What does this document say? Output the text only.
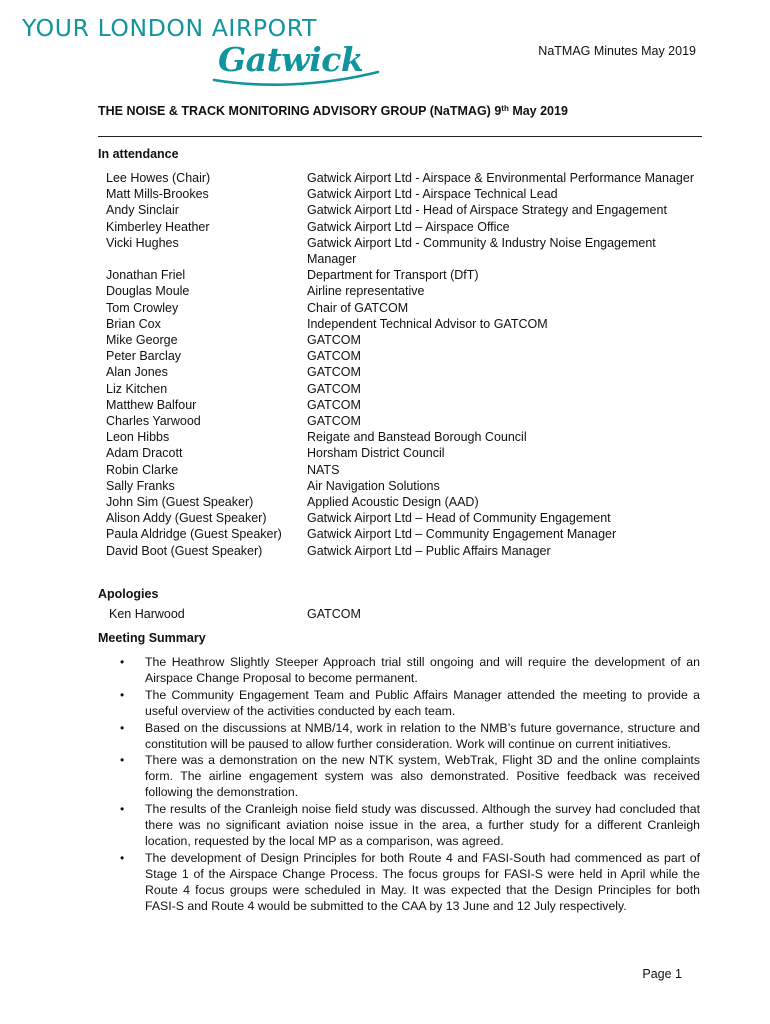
YOUR LONDON AIRPORT
Gatwick	NaTMAG Minutes May 2019
THE NOISE & TRACK MONITORING ADVISORY GROUP (NaTMAG) 9th May 2019
In attendance
Lee Howes (Chair)	Gatwick Airport Ltd - Airspace & Environmental Performance Manager
Matt Mills-Brookes	Gatwick Airport Ltd - Airspace Technical Lead
Andy Sinclair	Gatwick Airport Ltd - Head of Airspace Strategy and Engagement
Kimberley Heather	Gatwick Airport Ltd – Airspace Office
Vicki Hughes	Gatwick Airport Ltd - Community & Industry Noise Engagement Manager
Jonathan Friel	Department for Transport (DfT)
Douglas Moule	Airline representative
Tom Crowley	Chair of GATCOM
Brian Cox	Independent Technical Advisor to GATCOM
Mike George	GATCOM
Peter Barclay	GATCOM
Alan Jones	GATCOM
Liz Kitchen	GATCOM
Matthew Balfour	GATCOM
Charles Yarwood	GATCOM
Leon Hibbs	Reigate and Banstead Borough Council
Adam Dracott	Horsham District Council
Robin Clarke	NATS
Sally Franks	Air Navigation Solutions
John Sim (Guest Speaker)	Applied Acoustic Design (AAD)
Alison Addy (Guest Speaker)	Gatwick Airport Ltd – Head of Community Engagement
Paula Aldridge (Guest Speaker)	Gatwick Airport Ltd – Community Engagement Manager
David Boot (Guest Speaker)	Gatwick Airport Ltd – Public Affairs Manager
Apologies
Ken Harwood	GATCOM
Meeting Summary
• The Heathrow Slightly Steeper Approach trial still ongoing and will require the development of an Airspace Change Proposal to become permanent.
• The Community Engagement Team and Public Affairs Manager attended the meeting to provide a useful overview of the activities conducted by each team.
• Based on the discussions at NMB/14, work in relation to the NMB’s future governance, structure and constitution will be paused to allow further consideration. Work will continue on current initiatives.
• There was a demonstration on the new NTK system, WebTrak, Flight 3D and the online complaints form. The airline engagement system was also demonstrated. Positive feedback was received following the demonstration.
• The results of the Cranleigh noise field study was discussed. Although the survey had concluded that there was no significant aviation noise issue in the area, a further study for a different Cranleigh location, requested by the local MP as a comparison, was agreed.
• The development of Design Principles for both Route 4 and FASI-South had commenced as part of Stage 1 of the Airspace Change Process. The focus groups for FASI-S were held in April while the Route 4 focus groups were scheduled in May. It was expected that the Design Principles for both FASI-S and Route 4 would be submitted to the CAA by 13 June and 12 July respectively.
Page 1
